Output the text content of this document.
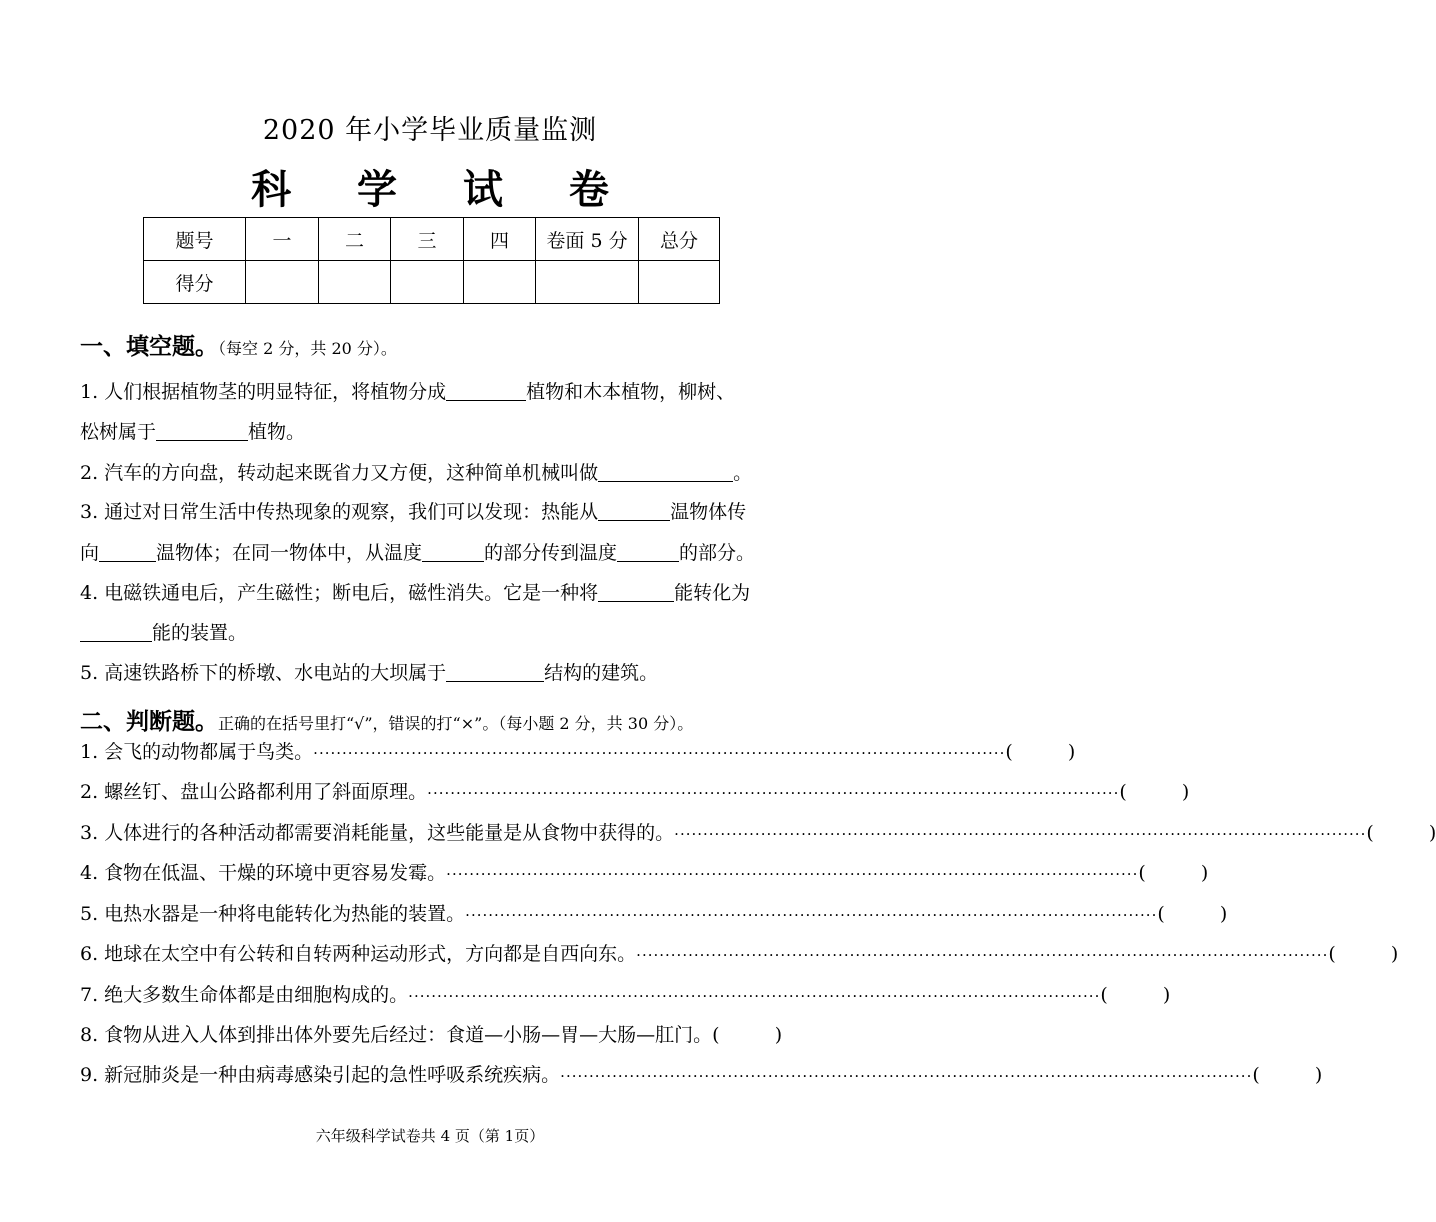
2020 年小学毕业质量监测
科 学 试 卷
题号	一	二	三	四	卷面 5 分	总分
得分						
一、填空题。（每空 2 分，共 20 分）。
1. 人们根据植物茎的明显特征，将植物分成	植物和木本植物，柳树、
松树属于	植物。
2. 汽车的方向盘，转动起来既省力又方便，这种简单机械叫做	。
3. 通过对日常生活中传热现象的观察，我们可以发现：热能从	温物体传
向	温物体；在同一物体中，从温度	的部分传到温度	的部分。
4. 电磁铁通电后，产生磁性；断电后，磁性消失。它是一种将	能转化为
能的装置。
5. 高速铁路桥下的桥墩、水电站的大坝属于	结构的建筑。
二、判断题。正确的在括号里打“√”，错误的打“×”。（每小题 2 分，共 30 分）。
1. 会飞的动物都属于鸟类。 ························································································································ (	)
2. 螺丝钉、盘山公路都利用了斜面原理。 ························································································································ (	)
3. 人体进行的各种活动都需要消耗能量，这些能量是从食物中获得的。 ························································································································ (	)
4. 食物在低温、干燥的环境中更容易发霉。 ························································································································ (	)
5. 电热水器是一种将电能转化为热能的装置。 ························································································································ (	)
6. 地球在太空中有公转和自转两种运动形式，方向都是自西向东。 ························································································································ (	)
7. 绝大多数生命体都是由细胞构成的。 ························································································································ (	)
8. 食物从进入人体到排出体外要先后经过：食道—小肠—胃—大肠—肛门。 (	)
9. 新冠肺炎是一种由病毒感染引起的急性呼吸系统疾病。 ························································································································ (	)
六年级科学试卷共 4 页（第 1页）
